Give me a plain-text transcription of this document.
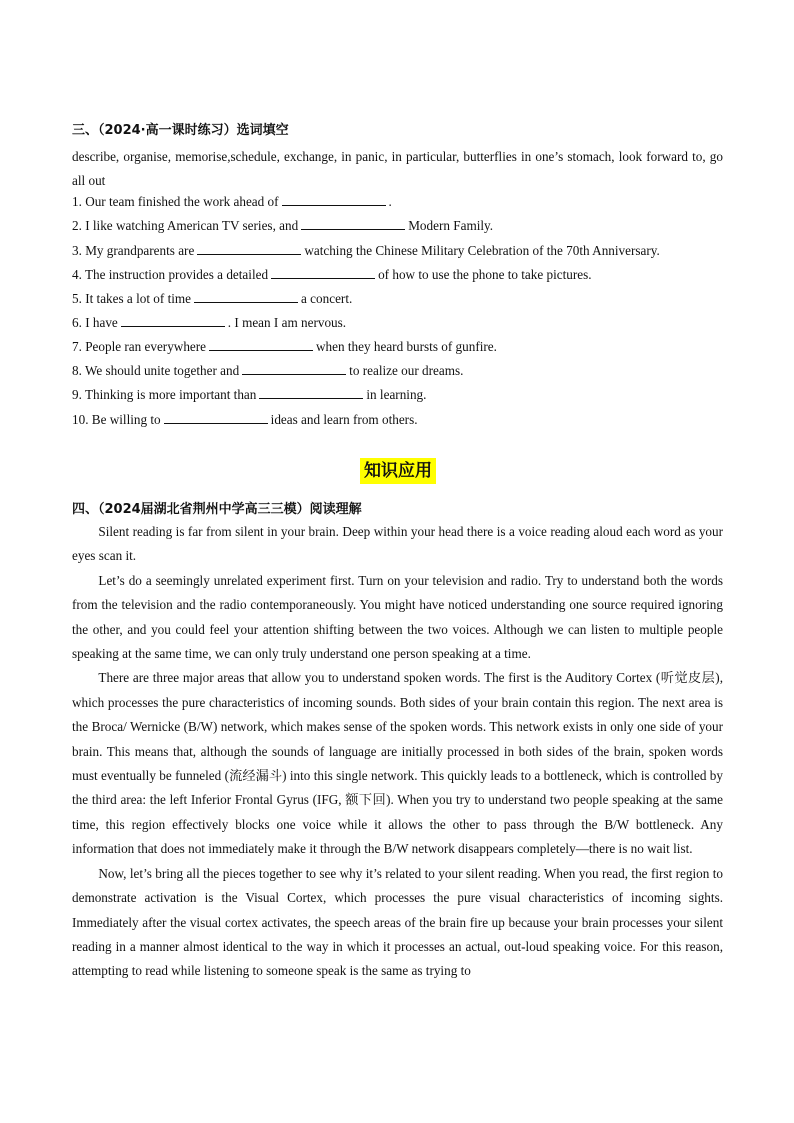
三、（2024·高一课时练习）选词填空
describe, organise, memorise,schedule, exchange, in panic, in particular, butterflies in one’s stomach, look forward to, go all out
1. Our team finished the work ahead of	.
2. I like watching American TV series, and	Modern Family.
3. My grandparents are	watching the Chinese Military Celebration of the 70th Anniversary.
4. The instruction provides a detailed	of how to use the phone to take pictures.
5. It takes a lot of time	a concert.
6. I have	. I mean I am nervous.
7. People ran everywhere	when they heard bursts of gunfire.
8. We should unite together and	to realize our dreams.
9. Thinking is more important than	in learning.
10. Be willing to	ideas and learn from others.
知识应用
四、（2024届湖北省荆州中学高三三模）阅读理解

Silent reading is far from silent in your brain. Deep within your head there is a voice reading aloud each word as your eyes scan it.

Let’s do a seemingly unrelated experiment first. Turn on your television and radio. Try to understand both the words from the television and the radio contemporaneously. You might have noticed understanding one source required ignoring the other, and you could feel your attention shifting between the two voices. Although we can listen to multiple people speaking at the same time, we can only truly understand one person speaking at a time.

There are three major areas that allow you to understand spoken words. The first is the Auditory Cortex (听觉皮层), which processes the pure characteristics of incoming sounds. Both sides of your brain contain this region. The next area is the Broca/ Wernicke (B/W) network, which makes sense of the spoken words. This network exists in only one side of your brain. This means that, although the sounds of language are initially processed in both sides of the brain, spoken words must eventually be funneled (流经漏斗) into this single network. This quickly leads to a bottleneck, which is controlled by the third area: the left Inferior Frontal Gyrus (IFG, 额下回). When you try to understand two people speaking at the same time, this region effectively blocks one voice while it allows the other to pass through the B/W bottleneck. Any information that does not immediately make it through the B/W network disappears completely—there is no wait list.

Now, let’s bring all the pieces together to see why it’s related to your silent reading. When you read, the first region to demonstrate activation is the Visual Cortex, which processes the pure visual characteristics of incoming sights. Immediately after the visual cortex activates, the speech areas of the brain fire up because your brain processes your silent reading in a manner almost identical to the way in which it processes an actual, out-loud speaking voice. For this reason, attempting to read while listening to someone speak is the same as trying to
